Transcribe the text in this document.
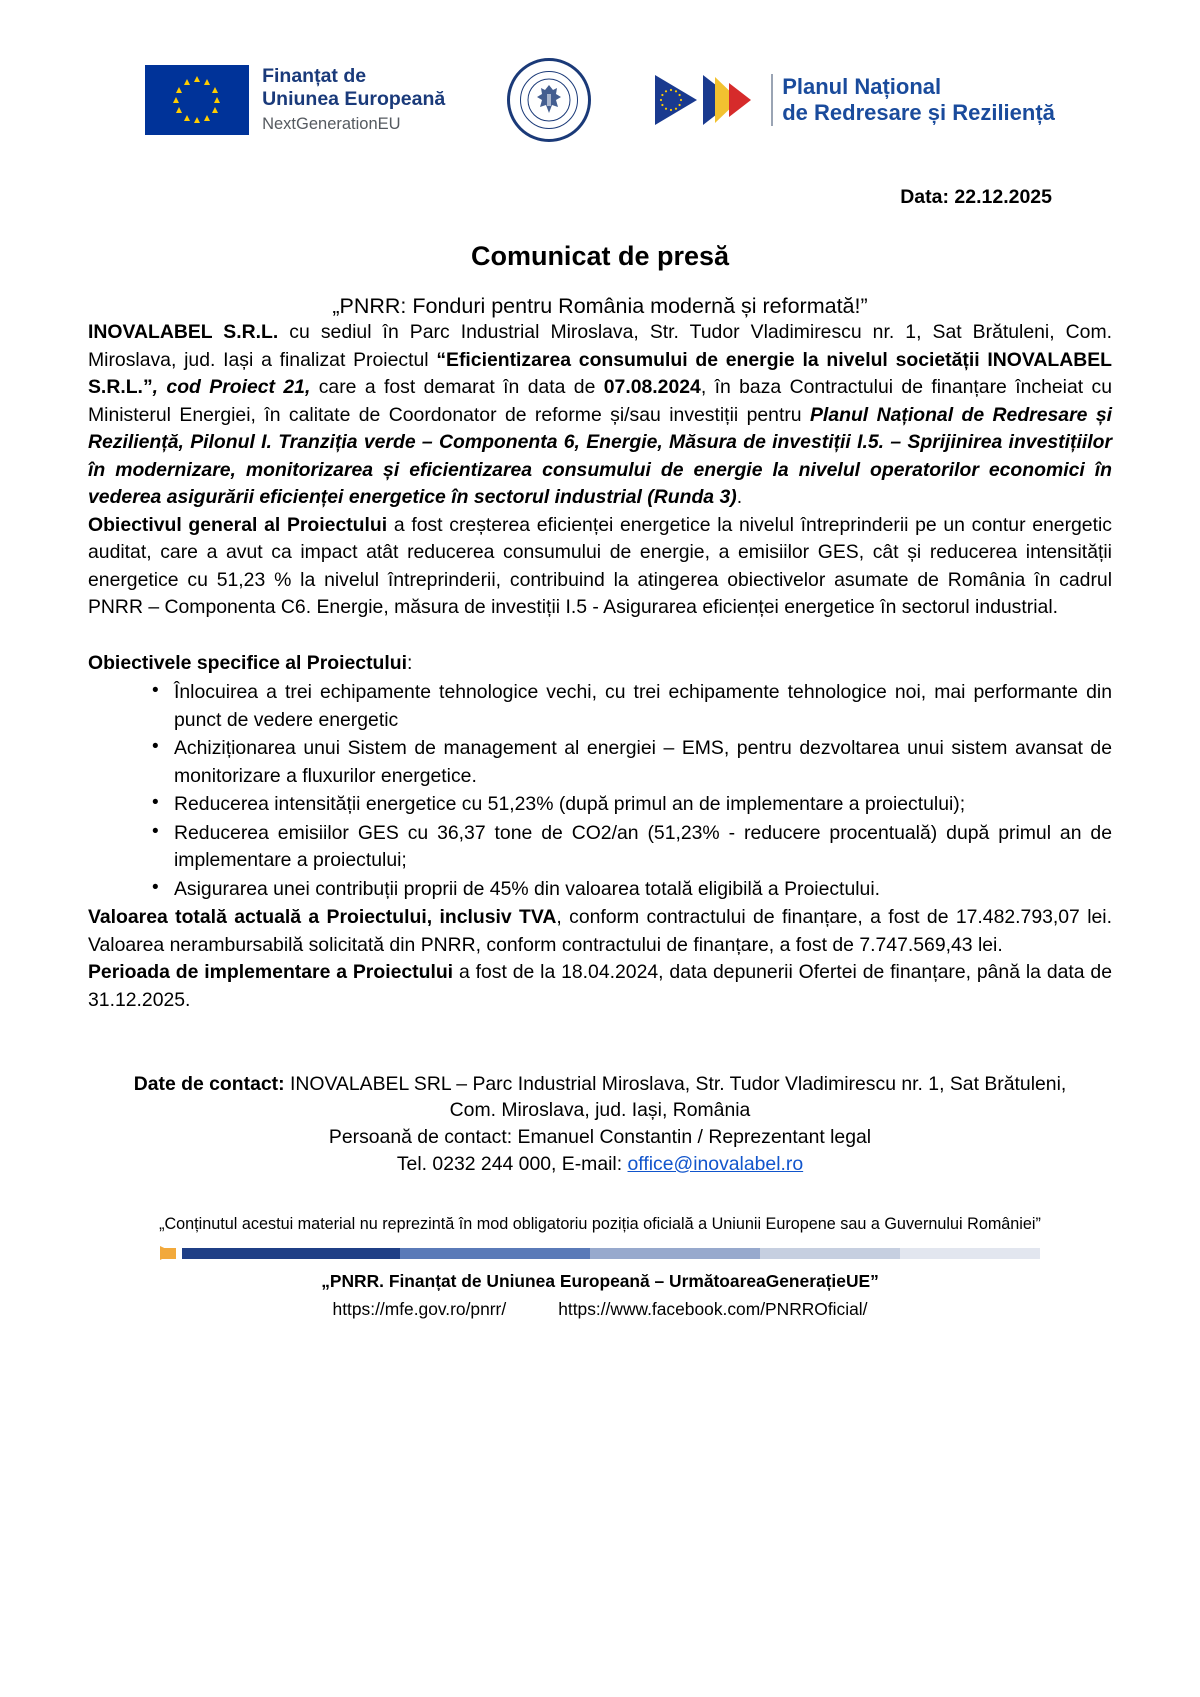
Finanțat de
Uniunea Europeană
NextGenerationEU
Planul Național
de Redresare și Reziliență
Data: 22.12.2025
Comunicat de presă
„PNRR: Fonduri pentru România modernă și reformată!”

INOVALABEL S.R.L. cu sediul în Parc Industrial Miroslava, Str. Tudor Vladimirescu nr. 1, Sat Brătuleni, Com. Miroslava, jud. Iași a finalizat Proiectul “Eficientizarea consumului de energie la nivelul societății INOVALABEL S.R.L.”, cod Proiect 21, care a fost demarat în data de 07.08.2024, în baza Contractului de finanțare încheiat cu Ministerul Energiei, în calitate de Coordonator de reforme și/sau investiții pentru Planul Național de Redresare și Reziliență, Pilonul I. Tranziția verde – Componenta 6, Energie, Măsura de investiții I.5. – Sprijinirea investițiilor în modernizare, monitorizarea și eficientizarea consumului de energie la nivelul operatorilor economici în vederea asigurării eficienței energetice în sectorul industrial (Runda 3).

Obiectivul general al Proiectului a fost creșterea eficienței energetice la nivelul întreprinderii pe un contur energetic auditat, care a avut ca impact atât reducerea consumului de energie, a emisiilor GES, cât și reducerea intensității energetice cu 51,23 % la nivelul întreprinderii, contribuind la atingerea obiectivelor asumate de România în cadrul PNRR – Componenta C6. Energie, măsura de investiții I.5 - Asigurarea eficienței energetice în sectorul industrial.

Obiectivele specifice al Proiectului:
• Înlocuirea a trei echipamente tehnologice vechi, cu trei echipamente tehnologice noi, mai performante din punct de vedere energetic
• Achiziționarea unui Sistem de management al energiei – EMS, pentru dezvoltarea unui sistem avansat de monitorizare a fluxurilor energetice.
• Reducerea intensității energetice cu 51,23% (după primul an de implementare a proiectului);
• Reducerea emisiilor GES cu 36,37 tone de CO2/an (51,23% - reducere procentuală) după primul an de implementare a proiectului;
• Asigurarea unei contribuții proprii de 45% din valoarea totală eligibilă a Proiectului.

Valoarea totală actuală a Proiectului, inclusiv TVA, conform contractului de finanțare, a fost de 17.482.793,07 lei. Valoarea nerambursabilă solicitată din PNRR, conform contractului de finanțare, a fost de 7.747.569,43 lei.

Perioada de implementare a Proiectului a fost de la 18.04.2024, data depunerii Ofertei de finanțare, până la data de 31.12.2025.

Date de contact: INOVALABEL SRL – Parc Industrial Miroslava, Str. Tudor Vladimirescu nr. 1, Sat Brătuleni, Com. Miroslava, jud. Iași, România
Persoană de contact: Emanuel Constantin / Reprezentant legal
Tel. 0232 244 000, E-mail: office@inovalabel.ro
„Conținutul acestui material nu reprezintă în mod obligatoriu poziția oficială a Uniunii Europene sau a Guvernului României”
„PNRR. Finanțat de Uniunea Europeană – UrmătoareaGenerațieUE”
https://mfe.gov.ro/pnrr/	https://www.facebook.com/PNRROficial/
